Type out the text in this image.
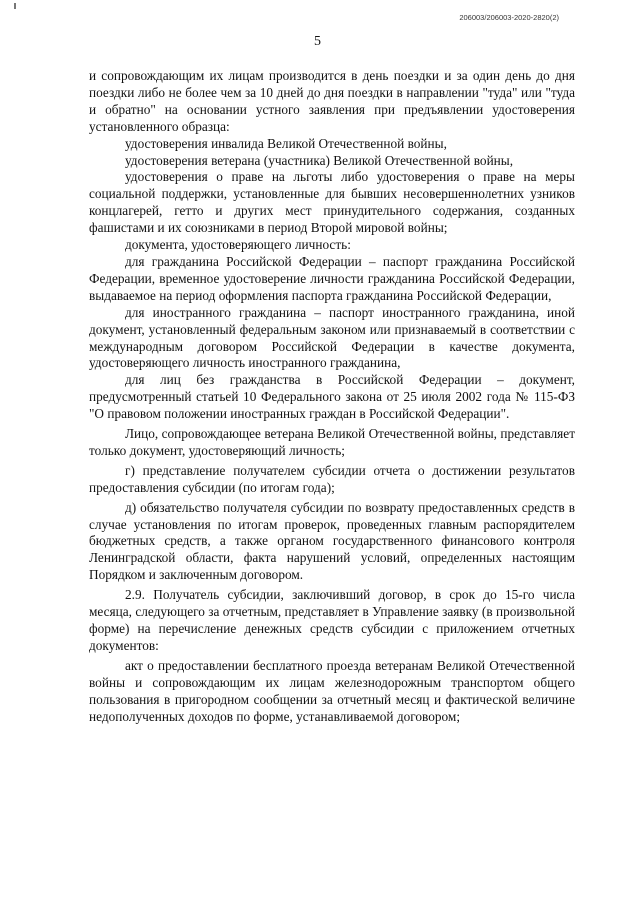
206003/206003-2020-2820(2)
5

и сопровождающим их лицам производится в день поездки и за один день до дня поездки либо не более чем за 10 дней до дня поездки в направлении "туда" или "туда и обратно" на основании устного заявления при предъявлении удостоверения установленного образца:

удостоверения инвалида Великой Отечественной войны,

удостоверения ветерана (участника) Великой Отечественной войны,

удостоверения о праве на льготы либо удостоверения о праве на меры социальной поддержки, установленные для бывших несовершеннолетних узников концлагерей, гетто и других мест принудительного содержания, созданных фашистами и их союзниками в период Второй мировой войны;

документа, удостоверяющего личность:

для гражданина Российской Федерации – паспорт гражданина Российской Федерации, временное удостоверение личности гражданина Российской Федерации, выдаваемое на период оформления паспорта гражданина Российской Федерации,

для иностранного гражданина – паспорт иностранного гражданина, иной документ, установленный федеральным законом или признаваемый в соответствии с международным договором Российской Федерации в качестве документа, удостоверяющего личность иностранного гражданина,

для лиц без гражданства в Российской Федерации – документ, предусмотренный статьей 10 Федерального закона от 25 июля 2002 года № 115-ФЗ "О правовом положении иностранных граждан в Российской Федерации".

Лицо, сопровождающее ветерана Великой Отечественной войны, представляет только документ, удостоверяющий личность;

г) представление получателем субсидии отчета о достижении результатов предоставления субсидии (по итогам года);

д) обязательство получателя субсидии по возврату предоставленных средств в случае установления по итогам проверок, проведенных главным распорядителем бюджетных средств, а также органом государственного финансового контроля Ленинградской области, факта нарушений условий, определенных настоящим Порядком и заключенным договором.

2.9. Получатель субсидии, заключивший договор, в срок до 15-го числа месяца, следующего за отчетным, представляет в Управление заявку (в произвольной форме) на перечисление денежных средств субсидии с приложением отчетных документов:

акт о предоставлении бесплатного проезда ветеранам Великой Отечественной войны и сопровождающим их лицам железнодорожным транспортом общего пользования в пригородном сообщении за отчетный месяц и фактической величине недополученных доходов по форме, устанавливаемой договором;
